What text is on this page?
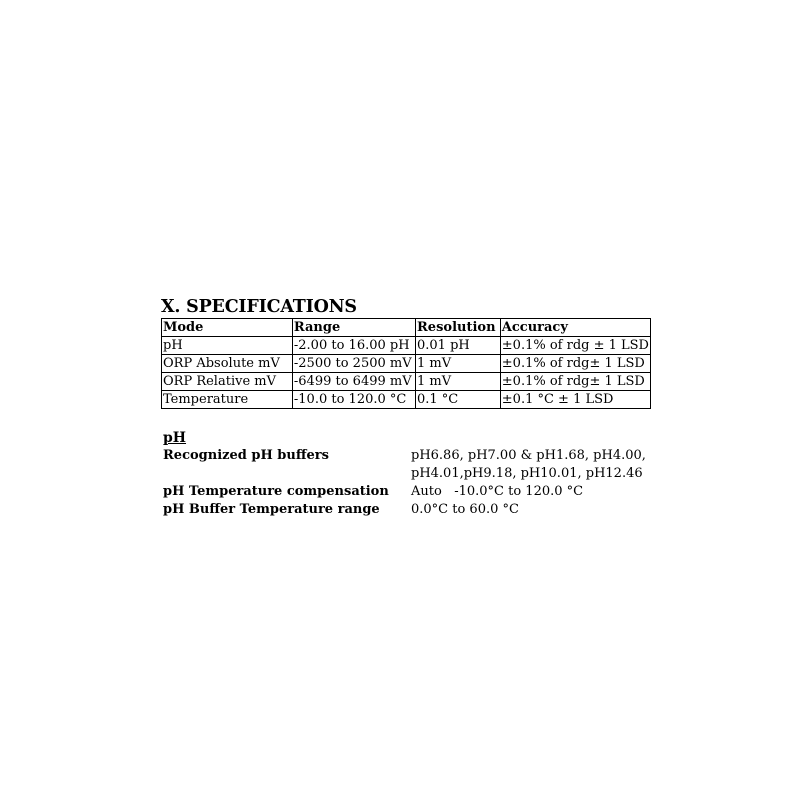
X. SPECIFICATIONS
Mode	Range	Resolution	Accuracy
pH	-2.00 to 16.00 pH	0.01 pH	±0.1% of rdg ± 1 LSD
ORP Absolute mV	-2500 to 2500 mV	1 mV	±0.1% of rdg± 1 LSD
ORP Relative mV	-6499 to 6499 mV	1 mV	±0.1% of rdg± 1 LSD
Temperature	-10.0 to 120.0 °C	0.1 °C	±0.1 °C ± 1 LSD
pH
Recognized pH buffers	pH6.86, pH7.00 & pH1.68, pH4.00,
pH4.01,pH9.18, pH10.01, pH12.46
pH Temperature compensation	Auto   -10.0°C to 120.0 °C
pH Buffer Temperature range	0.0°C to 60.0 °C
